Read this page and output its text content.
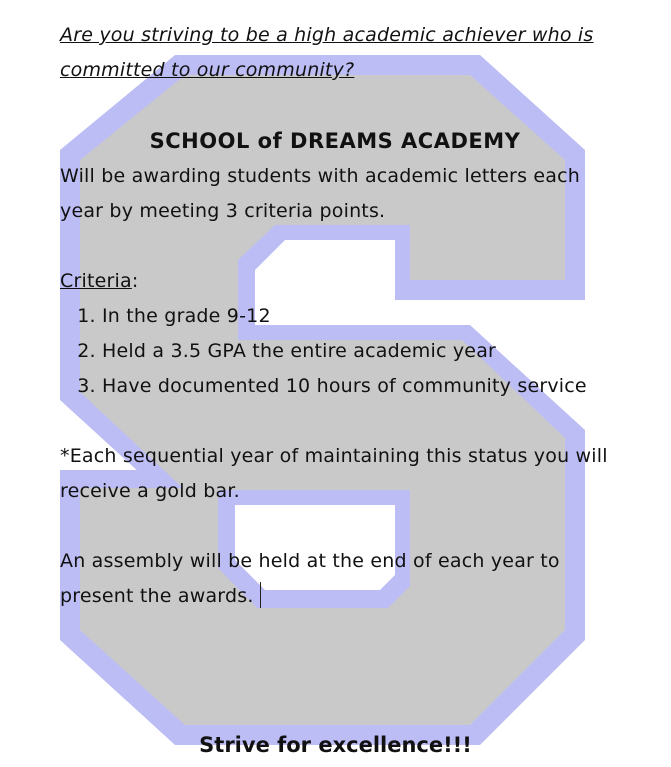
Are you striving to be a high academic achiever who is committed to our community?

SCHOOL of DREAMS ACADEMY

Will be awarding students with academic letters each year by meeting 3 criteria points.

Criteria:

1. In the grade 9-12
2. Held a 3.5 GPA the entire academic year
3. Have documented 10 hours of community service

*Each sequential year of maintaining this status you will receive a gold bar.

An assembly will be held at the end of each year to present the awards.

Strive for excellence!!!
